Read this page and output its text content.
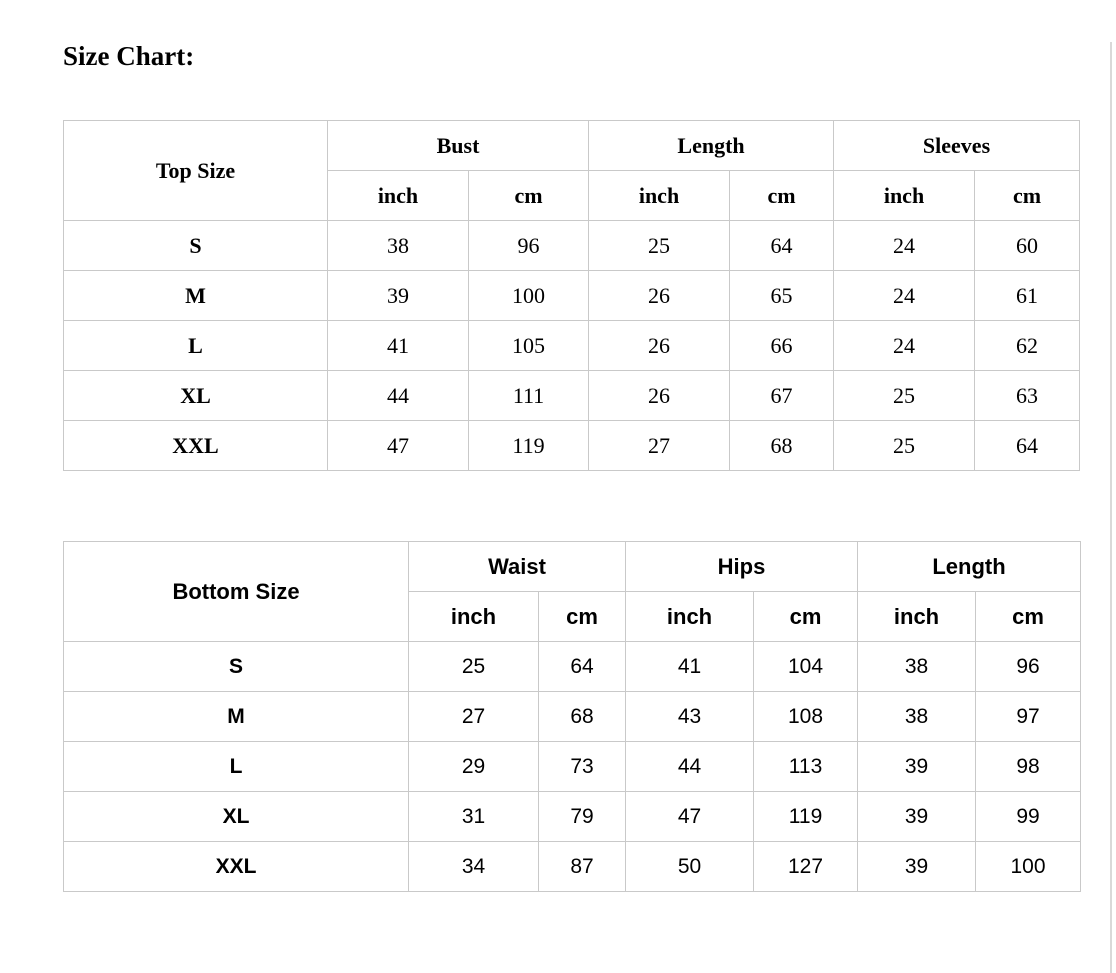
Size Chart:
Top Size	Bust		Length		Sleeves	
	inch	cm	inch	cm	inch	cm
S	38	96	25	64	24	60
M	39	100	26	65	24	61
L	41	105	26	66	24	62
XL	44	111	26	67	25	63
XXL	47	119	27	68	25	64
Bottom Size	Waist		Hips		Length	
	inch	cm	inch	cm	inch	cm
S	25	64	41	104	38	96
M	27	68	43	108	38	97
L	29	73	44	113	39	98
XL	31	79	47	119	39	99
XXL	34	87	50	127	39	100
